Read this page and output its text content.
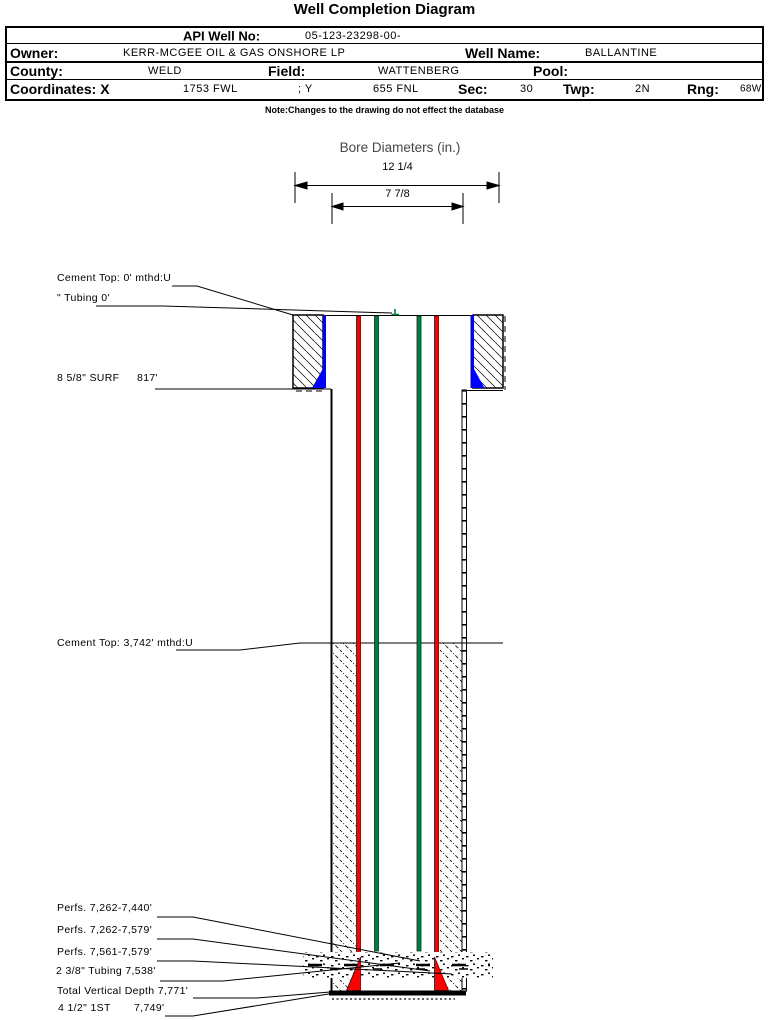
Well Completion Diagram
API Well No:	05-123-23298-00-
Owner:	KERR-MCGEE OIL & GAS ONSHORE LP	Well Name:	BALLANTINE
County:	WELD	Field:	WATTENBERG	Pool:
Coordinates: X	1753 FWL	; Y	655 FNL	Sec:	30 Twp:	2N	Rng: 68W
Note:Changes to the drawing do not effect the database
Bore Diameters (in.)
12 1/4
7 7/8
Cement Top: 0' mthd:U
" Tubing 0'
8 5/8" SURF 817'
Cement Top: 3,742' mthd:U
Perfs. 7,262-7,440'
Perfs. 7,262-7,579'
Perfs. 7,561-7,579'
2 3/8" Tubing 7,538'
Total Vertical Depth 7,771'
4 1/2" 1ST 7,749'
